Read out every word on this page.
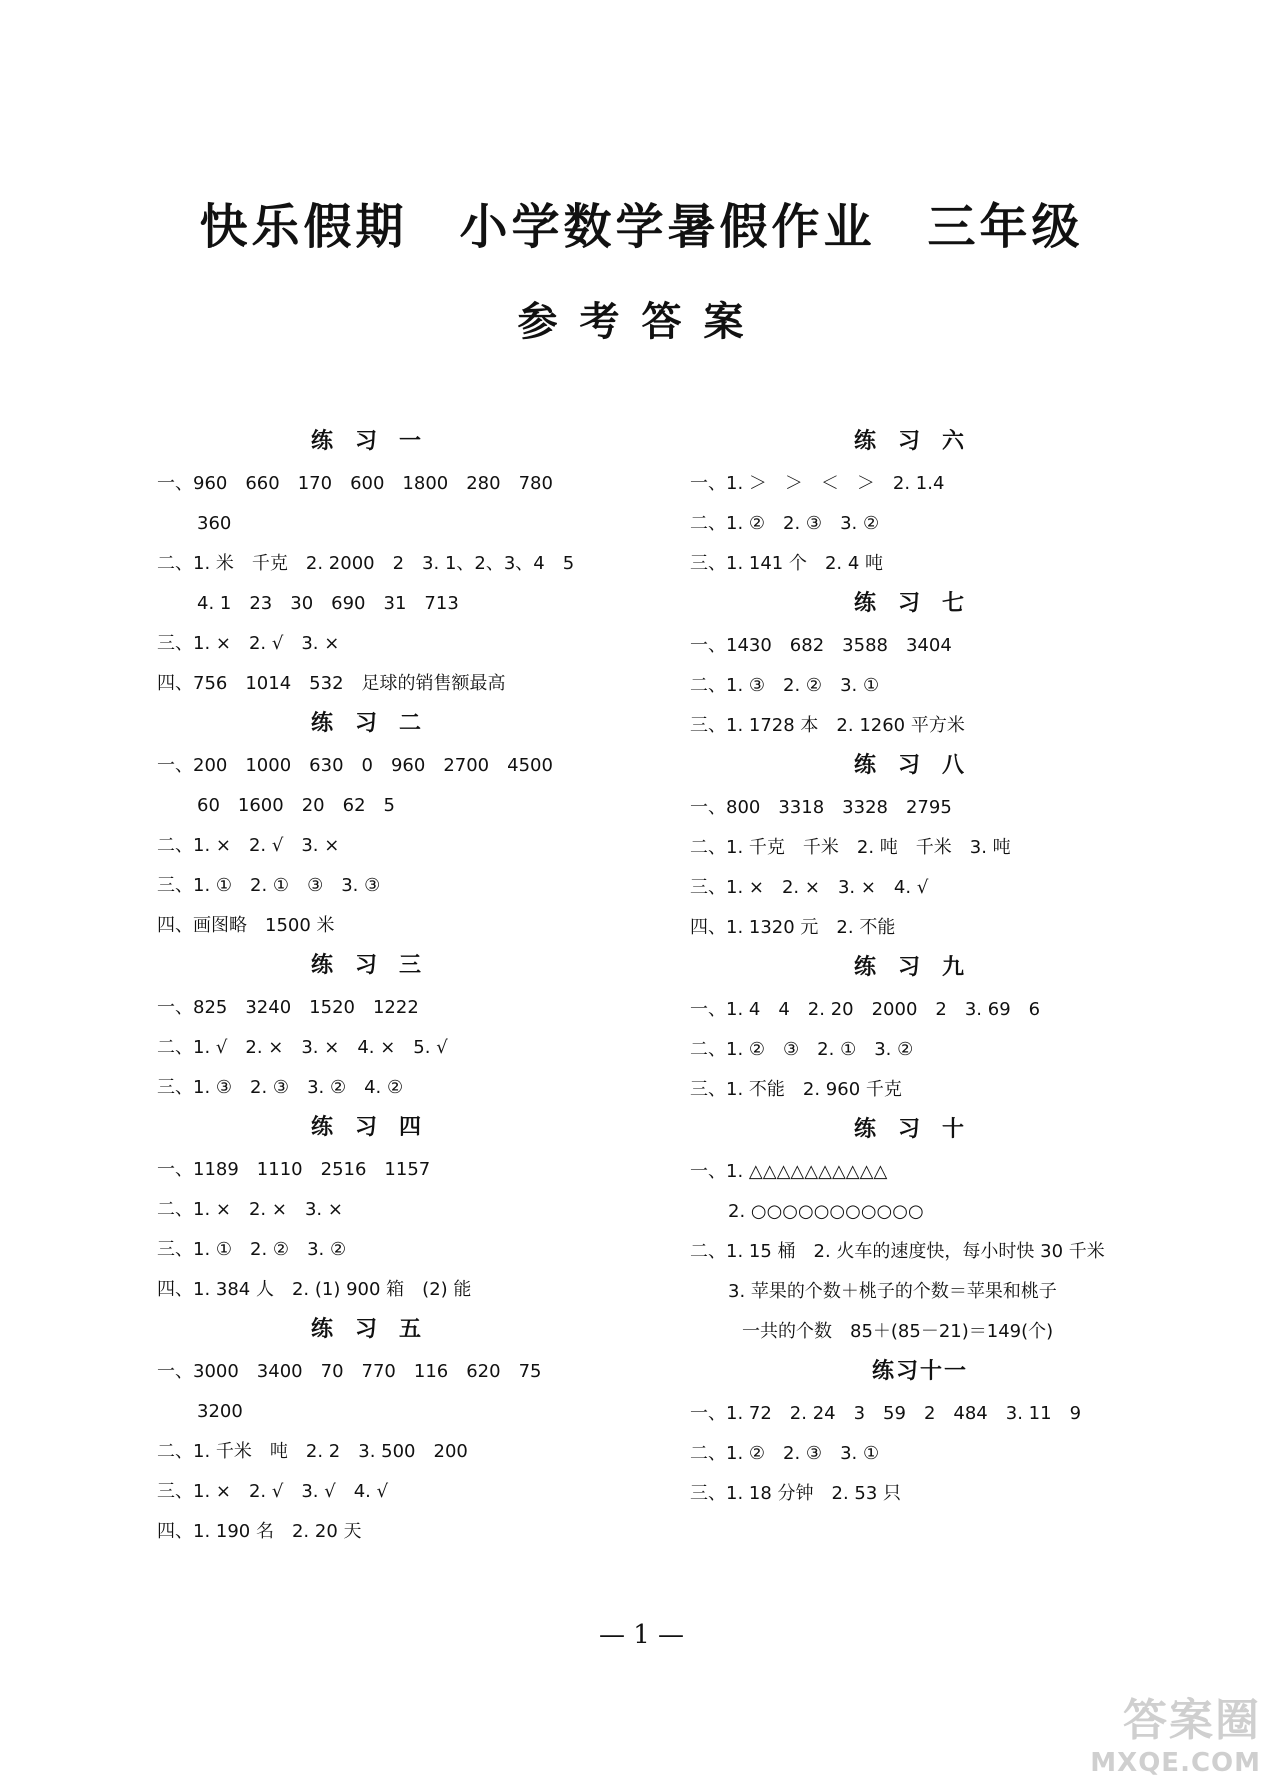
快乐假期　小学数学暑假作业　三年级
参考答案
练习一
一、960　660　170　600　1800　280　780
360
二、1. 米　千克　2. 2000　2　3. 1、2、3、4　5
4. 1　23　30　690　31　713
三、1. ×　2. √　3. ×
四、756　1014　532　足球的销售额最高
练习二
一、200　1000　630　0　960　2700　4500
60　1600　20　62　5
二、1. ×　2. √　3. ×
三、1. ①　2. ①　③　3. ③
四、画图略　1500 米
练习三
一、825　3240　1520　1222
二、1. √　2. ×　3. ×　4. ×　5. √
三、1. ③　2. ③　3. ②　4. ②
练习四
一、1189　1110　2516　1157
二、1. ×　2. ×　3. ×
三、1. ①　2. ②　3. ②
四、1. 384 人　2. (1) 900 箱　(2) 能
练习五
一、3000　3400　70　770　116　620　75
3200
二、1. 千米　吨　2. 2　3. 500　200
三、1. ×　2. √　3. √　4. √
四、1. 190 名　2. 20 天
练习六
一、1. ＞　＞　＜　＞　2. 1.4
二、1. ②　2. ③　3. ②
三、1. 141 个　2. 4 吨
练习七
一、1430　682　3588　3404
二、1. ③　2. ②　3. ①
三、1. 1728 本　2. 1260 平方米
练习八
一、800　3318　3328　2795
二、1. 千克　千米　2. 吨　千米　3. 吨
三、1. ×　2. ×　3. ×　4. √
四、1. 1320 元　2. 不能
练习九
一、1. 4　4　2. 20　2000　2　3. 69　6
二、1. ②　③　2. ①　3. ②
三、1. 不能　2. 960 千克
练习十
一、1. △△△△△△△△△△
2. ○○○○○○○○○○○
二、1. 15 桶　2. 火车的速度快，每小时快 30 千米
3. 苹果的个数＋桃子的个数＝苹果和桃子
一共的个数　85＋(85－21)＝149(个)
练习十一
一、1. 72　2. 24　3　59　2　484　3. 11　9
二、1. ②　2. ③　3. ①
三、1. 18 分钟　2. 53 只
— 1 —
答案圈
MXQE.COM
